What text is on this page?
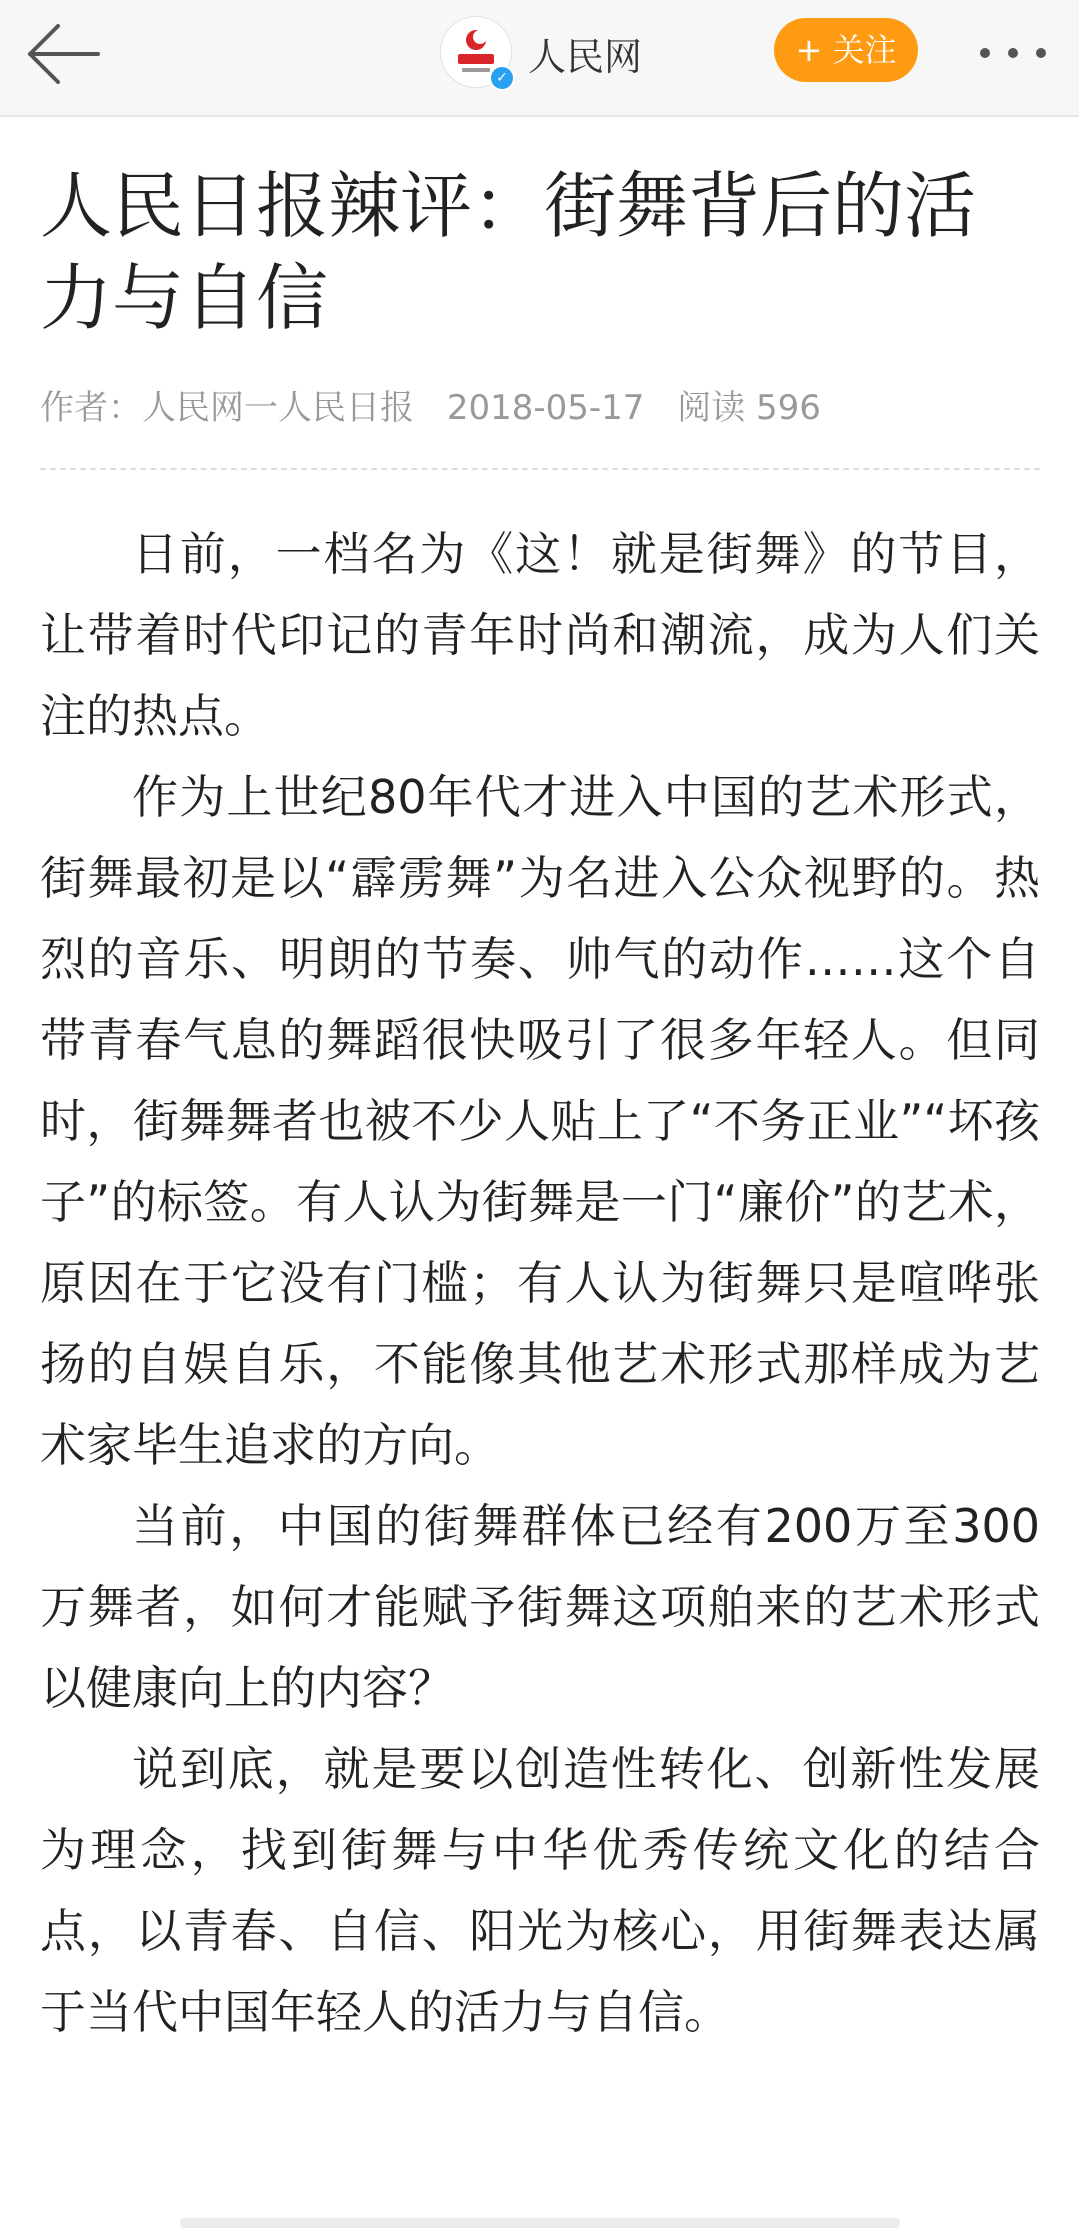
✓ 人民网	+ 关注
人民日报辣评：街舞背后的活力与自信
作者：人民网一人民日报 2018-05-17 阅读 596

日前，一档名为《这！就是街舞》的节目，让带着时代印记的青年时尚和潮流，成为人们关注的热点。

作为上世纪80年代才进入中国的艺术形式，街舞最初是以“霹雳舞”为名进入公众视野的。热烈的音乐、明朗的节奏、帅气的动作……这个自带青春气息的舞蹈很快吸引了很多年轻人。但同时，街舞舞者也被不少人贴上了“不务正业”“坏孩子”的标签。有人认为街舞是一门“廉价”的艺术，原因在于它没有门槛；有人认为街舞只是喧哗张扬的自娱自乐，不能像其他艺术形式那样成为艺术家毕生追求的方向。

当前，中国的街舞群体已经有200万至300万舞者，如何才能赋予街舞这项舶来的艺术形式以健康向上的内容？

说到底，就是要以创造性转化、创新性发展为理念，找到街舞与中华优秀传统文化的结合点，以青春、自信、阳光为核心，用街舞表达属于当代中国年轻人的活力与自信。
